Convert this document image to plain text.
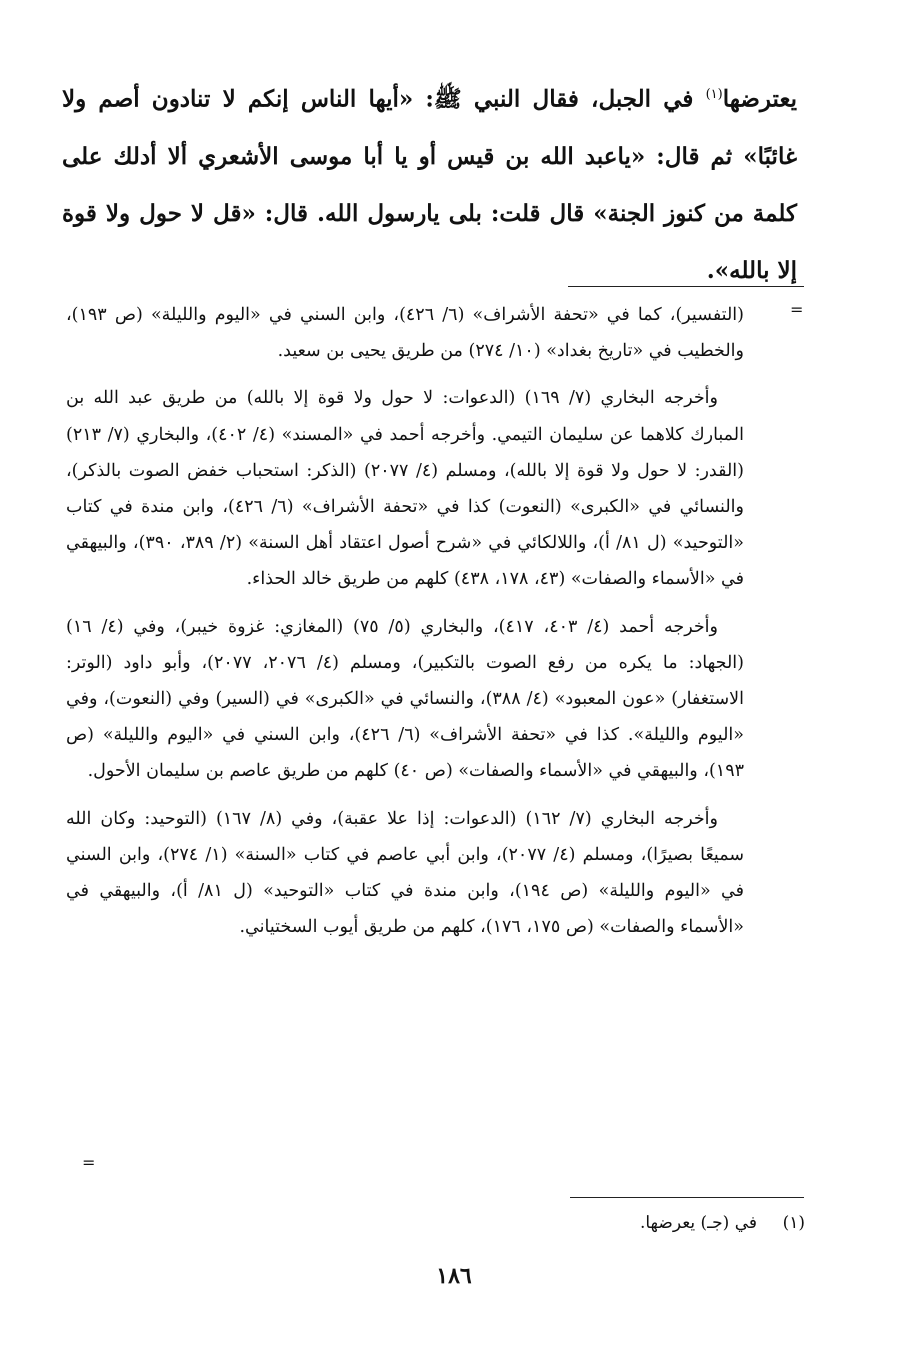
يعترضها$^{(١)}$ في الجبل، فقال النبي ﷺ: «أيها الناس إنكم لا تنادون أصم ولا غائبًا» ثم قال: «ياعبد الله بن قيس أو يا أبا موسى الأشعري ألا أدلك على كلمة من كنوز الجنة» قال قلت: بلى يارسول الله. قال: «قل لا حول ولا قوة إلا بالله».

=

(التفسير)، كما في «تحفة الأشراف» (٦/ ٤٢٦)، وابن السني في «اليوم والليلة» (ص ١٩٣)، والخطيب في «تاريخ بغداد» (١٠/ ٢٧٤) من طريق يحيى بن سعيد.

وأخرجه البخاري (٧/ ١٦٩) (الدعوات: لا حول ولا قوة إلا بالله) من طريق عبد الله بن المبارك كلاهما عن سليمان التيمي. وأخرجه أحمد في «المسند» (٤/ ٤٠٢)، والبخاري (٧/ ٢١٣) (القدر: لا حول ولا قوة إلا بالله)، ومسلم (٤/ ٢٠٧٧) (الذكر: استحباب خفض الصوت بالذكر)، والنسائي في «الكبرى» (النعوت) كذا في «تحفة الأشراف» (٦/ ٤٢٦)، وابن مندة في كتاب «التوحيد» (ل ٨١/ أ)، واللالكائي في «شرح أصول اعتقاد أهل السنة» (٢/ ٣٨٩، ٣٩٠)، والبيهقي في «الأسماء والصفات» (٤٣، ١٧٨، ٤٣٨) كلهم من طريق خالد الحذاء.

وأخرجه أحمد (٤/ ٤٠٣، ٤١٧)، والبخاري (٥/ ٧٥) (المغازي: غزوة خيبر)، وفي (٤/ ١٦) (الجهاد: ما يكره من رفع الصوت بالتكبير)، ومسلم (٤/ ٢٠٧٦، ٢٠٧٧)، وأبو داود (الوتر: الاستغفار) «عون المعبود» (٤/ ٣٨٨)، والنسائي في «الكبرى» في (السير) وفي (النعوت)، وفي «اليوم والليلة». كذا في «تحفة الأشراف» (٦/ ٤٢٦)، وابن السني في «اليوم والليلة» (ص ١٩٣)، والبيهقي في «الأسماء والصفات» (ص ٤٠) كلهم من طريق عاصم بن سليمان الأحول.

وأخرجه البخاري (٧/ ١٦٢) (الدعوات: إذا علا عقبة)، وفي (٨/ ١٦٧) (التوحيد: وكان الله سميعًا بصيرًا)، ومسلم (٤/ ٢٠٧٧)، وابن أبي عاصم في كتاب «السنة» (١/ ٢٧٤)، وابن السني في «اليوم والليلة» (ص ١٩٤)، وابن مندة في كتاب «التوحيد» (ل ٨١/ أ)، والبيهقي في «الأسماء والصفات» (ص ١٧٥، ١٧٦)، كلهم من طريق أيوب السختياني.

=
(١)في (جـ) يعرضها.
١٨٦
